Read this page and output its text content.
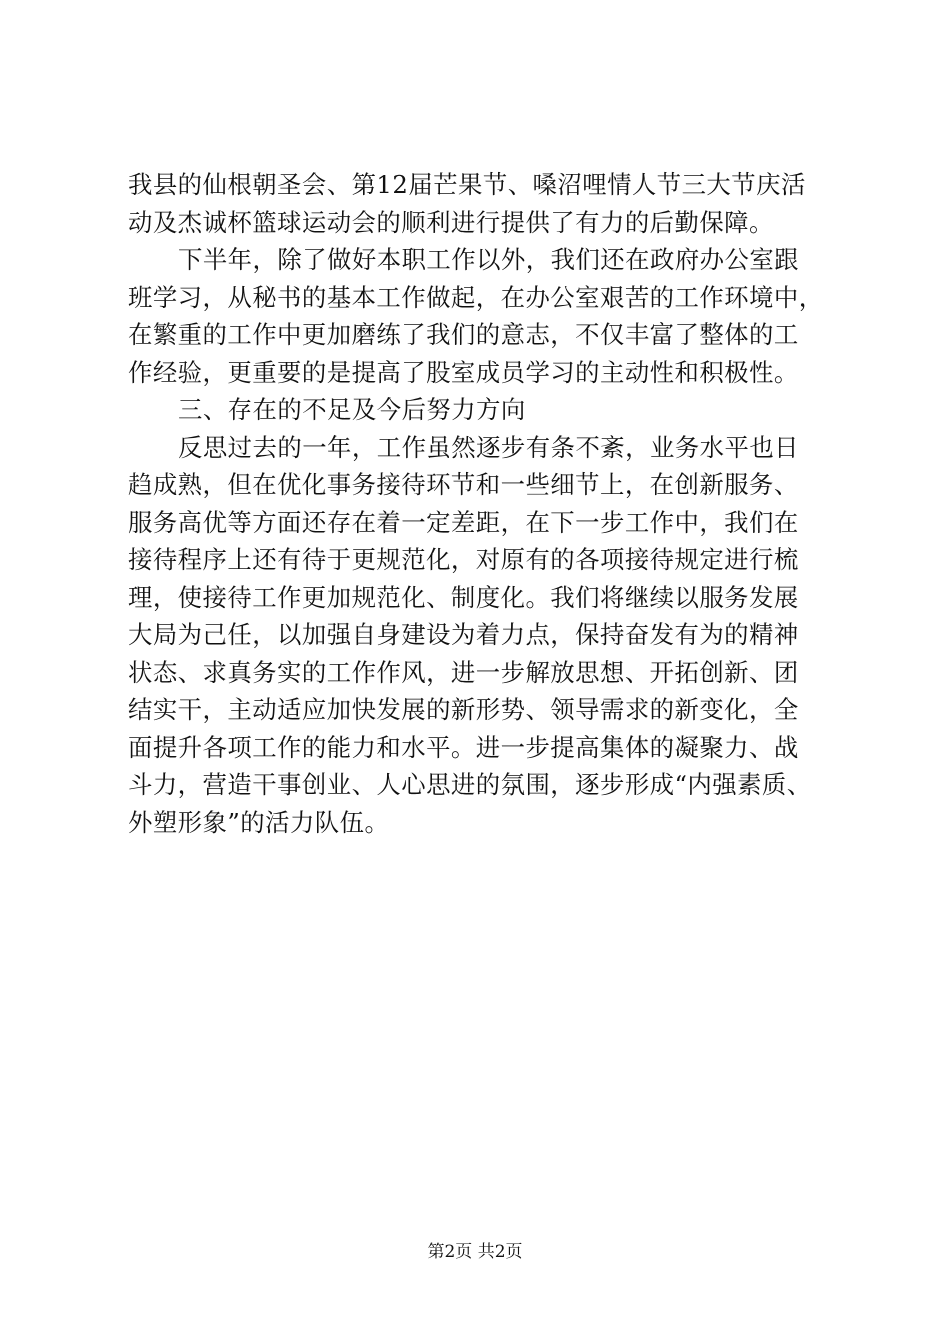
我县的仙根朝圣会、第12届芒果节、嗓沼哩情人节三大节庆活
动及杰诚杯篮球运动会的顺利进行提供了有力的后勤保障。
下半年，除了做好本职工作以外，我们还在政府办公室跟
班学习，从秘书的基本工作做起，在办公室艰苦的工作环境中，
在繁重的工作中更加磨练了我们的意志，不仅丰富了整体的工
作经验，更重要的是提高了股室成员学习的主动性和积极性。
三、存在的不足及今后努力方向
反思过去的一年，工作虽然逐步有条不紊，业务水平也日
趋成熟，但在优化事务接待环节和一些细节上，在创新服务、
服务高优等方面还存在着一定差距，在下一步工作中，我们在
接待程序上还有待于更规范化，对原有的各项接待规定进行梳
理，使接待工作更加规范化、制度化。我们将继续以服务发展
大局为己任，以加强自身建设为着力点，保持奋发有为的精神
状态、求真务实的工作作风，进一步解放思想、开拓创新、团
结实干，主动适应加快发展的新形势、领导需求的新变化，全
面提升各项工作的能力和水平。进一步提高集体的凝聚力、战
斗力，营造干事创业、人心思进的氛围，逐步形成“内强素质、
外塑形象”的活力队伍。
第2页 共2页
